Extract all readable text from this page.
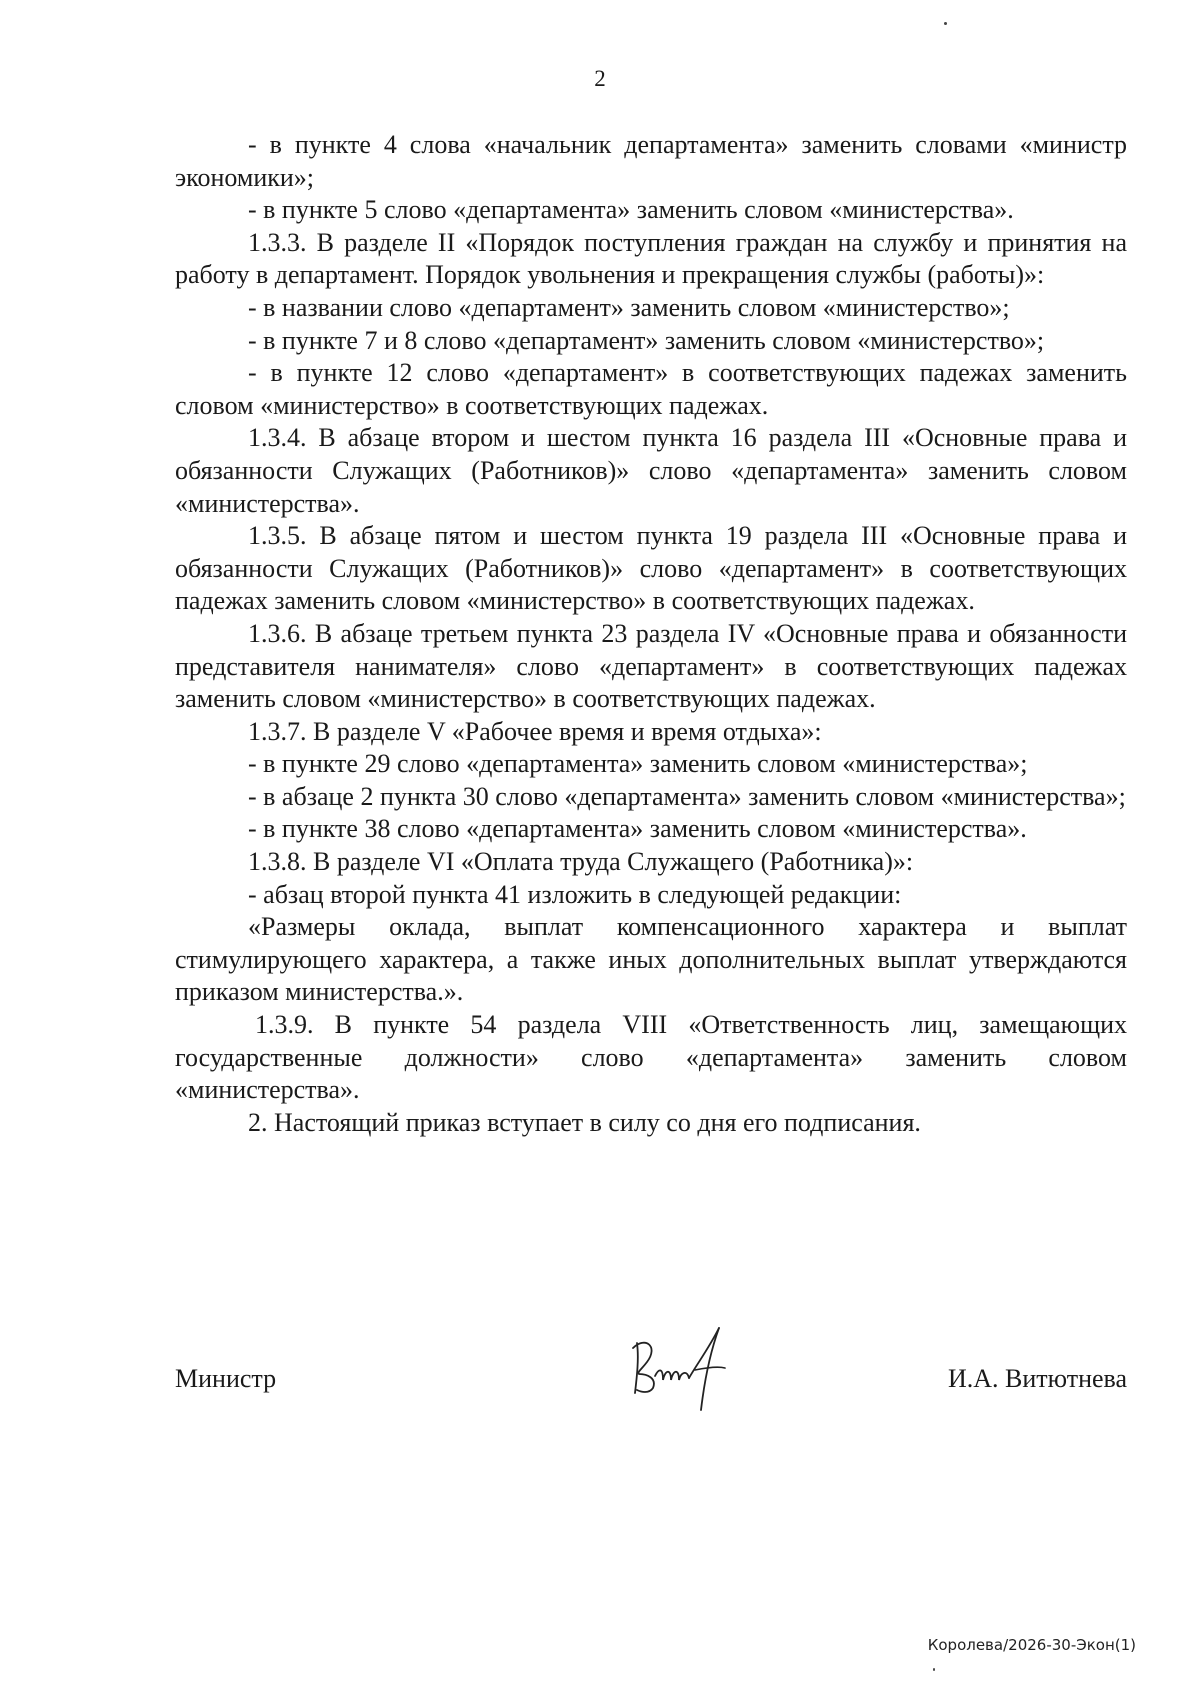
2

- в пункте 4 слова «начальник департамента» заменить словами «министр экономики»;

- в пункте 5 слово «департамента» заменить словом «министерства».

1.3.3. В разделе II «Порядок поступления граждан на службу и принятия на работу в департамент. Порядок увольнения и прекращения службы (работы)»:

- в названии слово «департамент» заменить словом «министерство»;

- в пункте 7 и 8 слово «департамент» заменить словом «министерство»;

- в пункте 12 слово «департамент» в соответствующих падежах заменить словом «министерство» в соответствующих падежах.

1.3.4. В абзаце втором и шестом пункта 16 раздела III «Основные права и обязанности Служащих (Работников)» слово «департамента» заменить словом «министерства».

1.3.5. В абзаце пятом и шестом пункта 19 раздела III «Основные права и обязанности Служащих (Работников)» слово «департамент» в соответствующих падежах заменить словом «министерство» в соответствующих падежах.

1.3.6. В абзаце третьем пункта 23 раздела IV «Основные права и обязанности представителя нанимателя» слово «департамент» в соответствующих падежах заменить словом «министерство» в соответствующих падежах.

1.3.7. В разделе V «Рабочее время и время отдыха»:

- в пункте 29 слово «департамента» заменить словом «министерства»;

- в абзаце 2 пункта 30 слово «департамента» заменить словом «министерства»;

- в пункте 38 слово «департамента» заменить словом «министерства».

1.3.8. В разделе VI «Оплата труда Служащего (Работника)»:

- абзац второй пункта 41 изложить в следующей редакции:

«Размеры оклада, выплат компенсационного характера и выплат стимулирующего характера, а также иных дополнительных выплат утверждаются приказом министерства.».

1.3.9. В пункте 54 раздела VIII «Ответственность лиц, замещающих государственные должности» слово «департамента» заменить словом «министерства».

2. Настоящий приказ вступает в силу со дня его подписания.

Министр	И.А. Витютнева
Королева/2026-30-Экон(1)
